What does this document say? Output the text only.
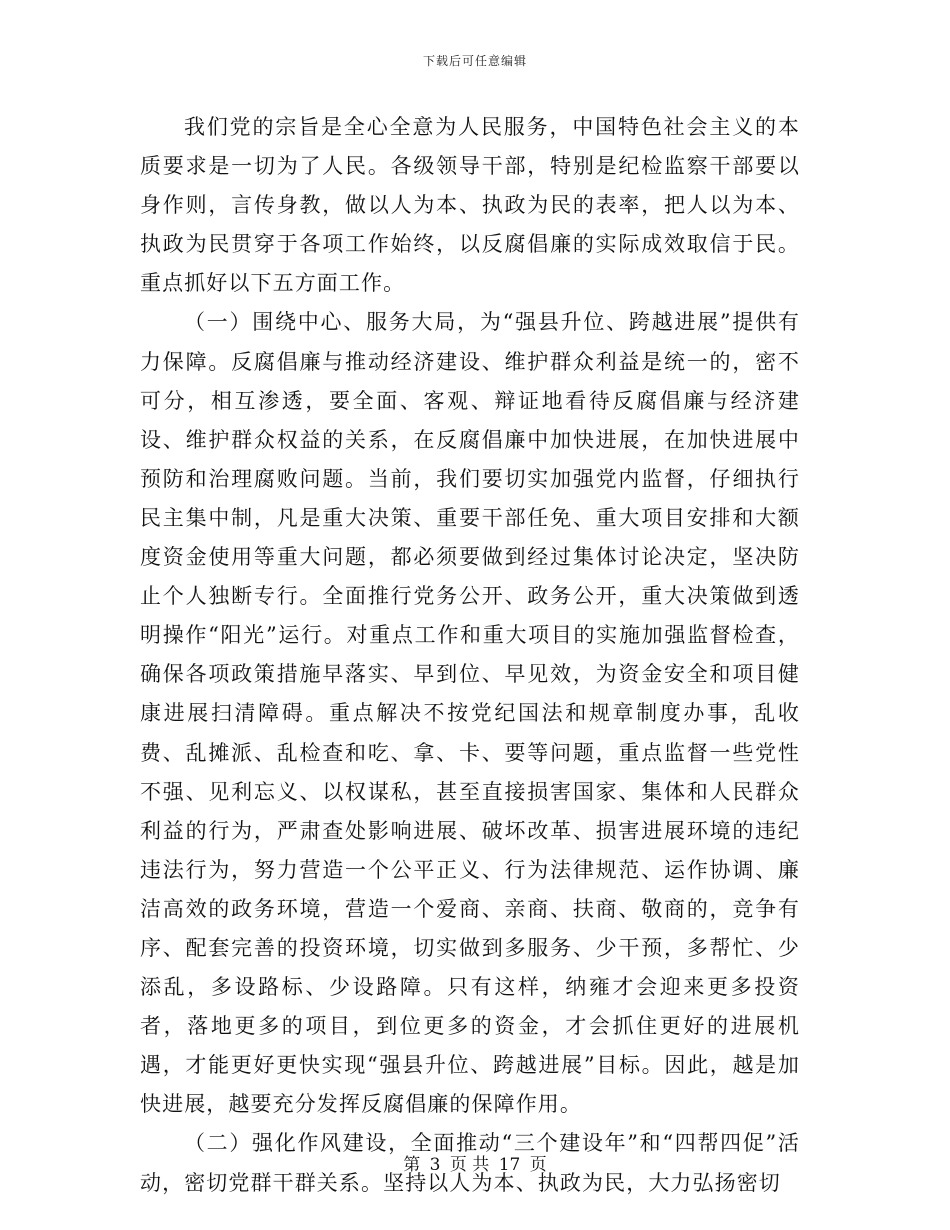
下载后可任意编辑

我们党的宗旨是全心全意为人民服务，中国特色社会主义的本质要求是一切为了人民。各级领导干部，特别是纪检监察干部要以身作则，言传身教，做以人为本、执政为民的表率，把人以为本、执政为民贯穿于各项工作始终，以反腐倡廉的实际成效取信于民。重点抓好以下五方面工作。

（一）围绕中心、服务大局，为“强县升位、跨越进展”提供有力保障。反腐倡廉与推动经济建设、维护群众利益是统一的，密不可分，相互渗透，要全面、客观、辩证地看待反腐倡廉与经济建设、维护群众权益的关系，在反腐倡廉中加快进展，在加快进展中预防和治理腐败问题。当前，我们要切实加强党内监督，仔细执行民主集中制，凡是重大决策、重要干部任免、重大项目安排和大额度资金使用等重大问题，都必须要做到经过集体讨论决定，坚决防止个人独断专行。全面推行党务公开、政务公开，重大决策做到透明操作“阳光”运行。对重点工作和重大项目的实施加强监督检查，确保各项政策措施早落实、早到位、早见效，为资金安全和项目健康进展扫清障碍。重点解决不按党纪国法和规章制度办事，乱收费、乱摊派、乱检查和吃、拿、卡、要等问题，重点监督一些党性不强、见利忘义、以权谋私，甚至直接损害国家、集体和人民群众利益的行为，严肃查处影响进展、破坏改革、损害进展环境的违纪违法行为，努力营造一个公平正义、行为法律规范、运作协调、廉洁高效的政务环境，营造一个爱商、亲商、扶商、敬商的，竞争有序、配套完善的投资环境，切实做到多服务、少干预，多帮忙、少添乱，多设路标、少设路障。只有这样，纳雍才会迎来更多投资者，落地更多的项目，到位更多的资金，才会抓住更好的进展机遇，才能更好更快实现“强县升位、跨越进展”目标。因此，越是加快进展，越要充分发挥反腐倡廉的保障作用。

（二）强化作风建设，全面推动“三个建设年”和“四帮四促”活动，密切党群干群关系。坚持以人为本、执政为民，大力弘扬密切

第 3 页 共 17 页
